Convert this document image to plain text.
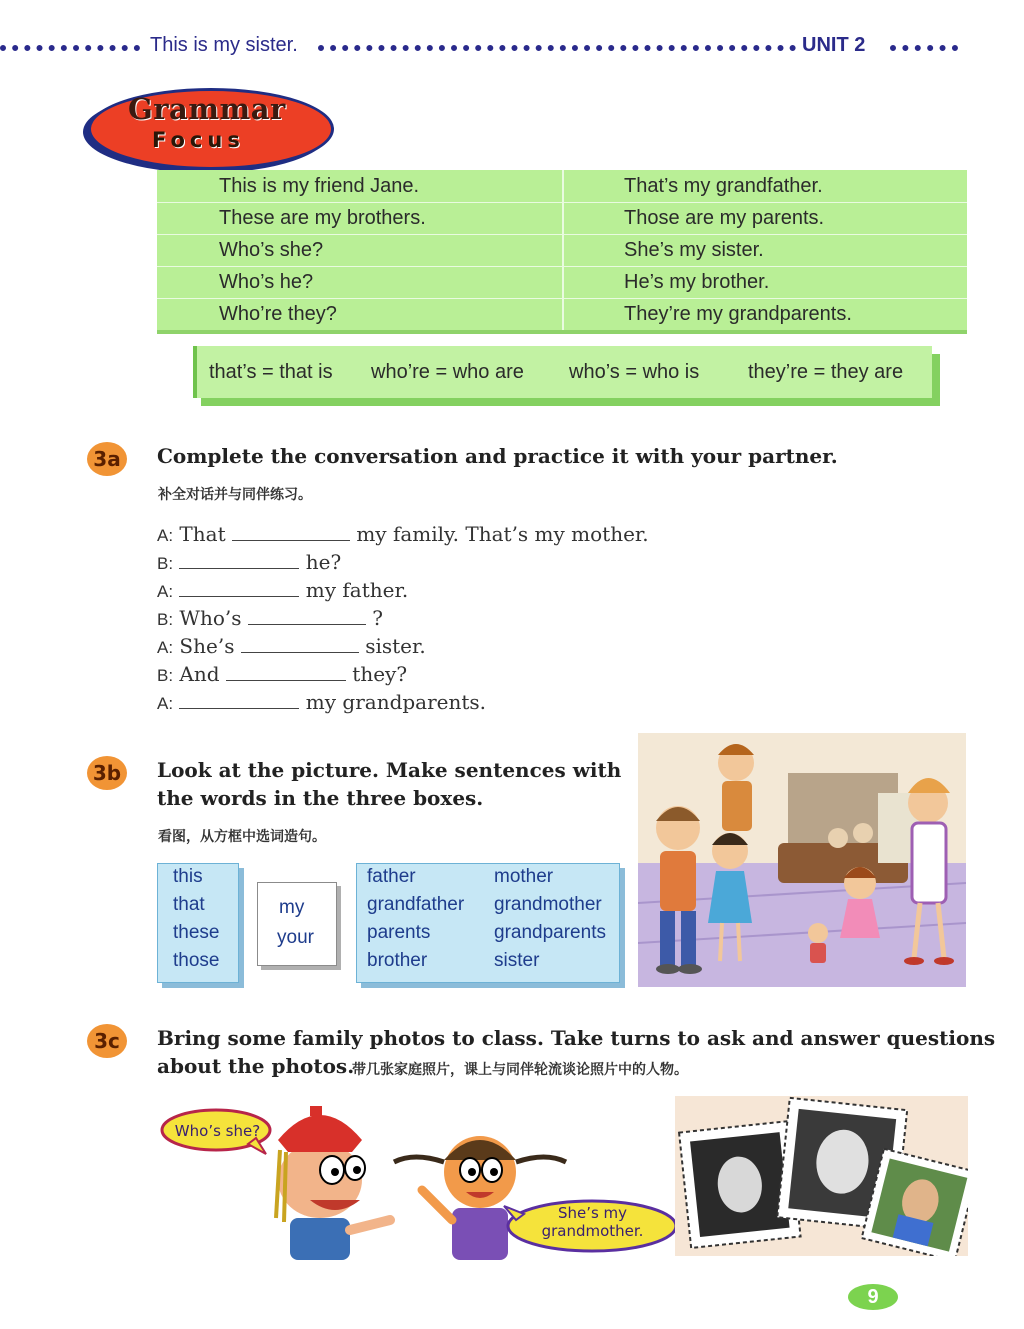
This is my sister.	UNIT 2
Grammar
Focus
This is my friend Jane.	That’s my grandfather.
These are my brothers.	Those are my parents.
Who’s she?	She’s my sister.
Who’s he?	He’s my brother.
Who’re they?	They’re my grandparents.
that’s = that is who’re = who are who’s = who is they’re = they are
3a	Complete the conversation and practice it with your partner.
补全对话并与同伴练习。
A: That	my family. That’s my mother.
B:	he?
A:	my father.
B: Who’s	?
A: She’s	sister.
B: And	they?
A:	my grandparents.
3b Look at the picture. Make sentences with
the words in the three boxes.
看图，从方框中选词造句。
this
that
these
those
my
your
father
grandfather
parents
brother
mother
grandmother
grandparents
sister
3c	Bring some family photos to class. Take turns to ask and answer questions
about the photos.
带几张家庭照片，课上与同伴轮流谈论照片中的人物。
Who’s she?
She’s my
grandmother.
9
